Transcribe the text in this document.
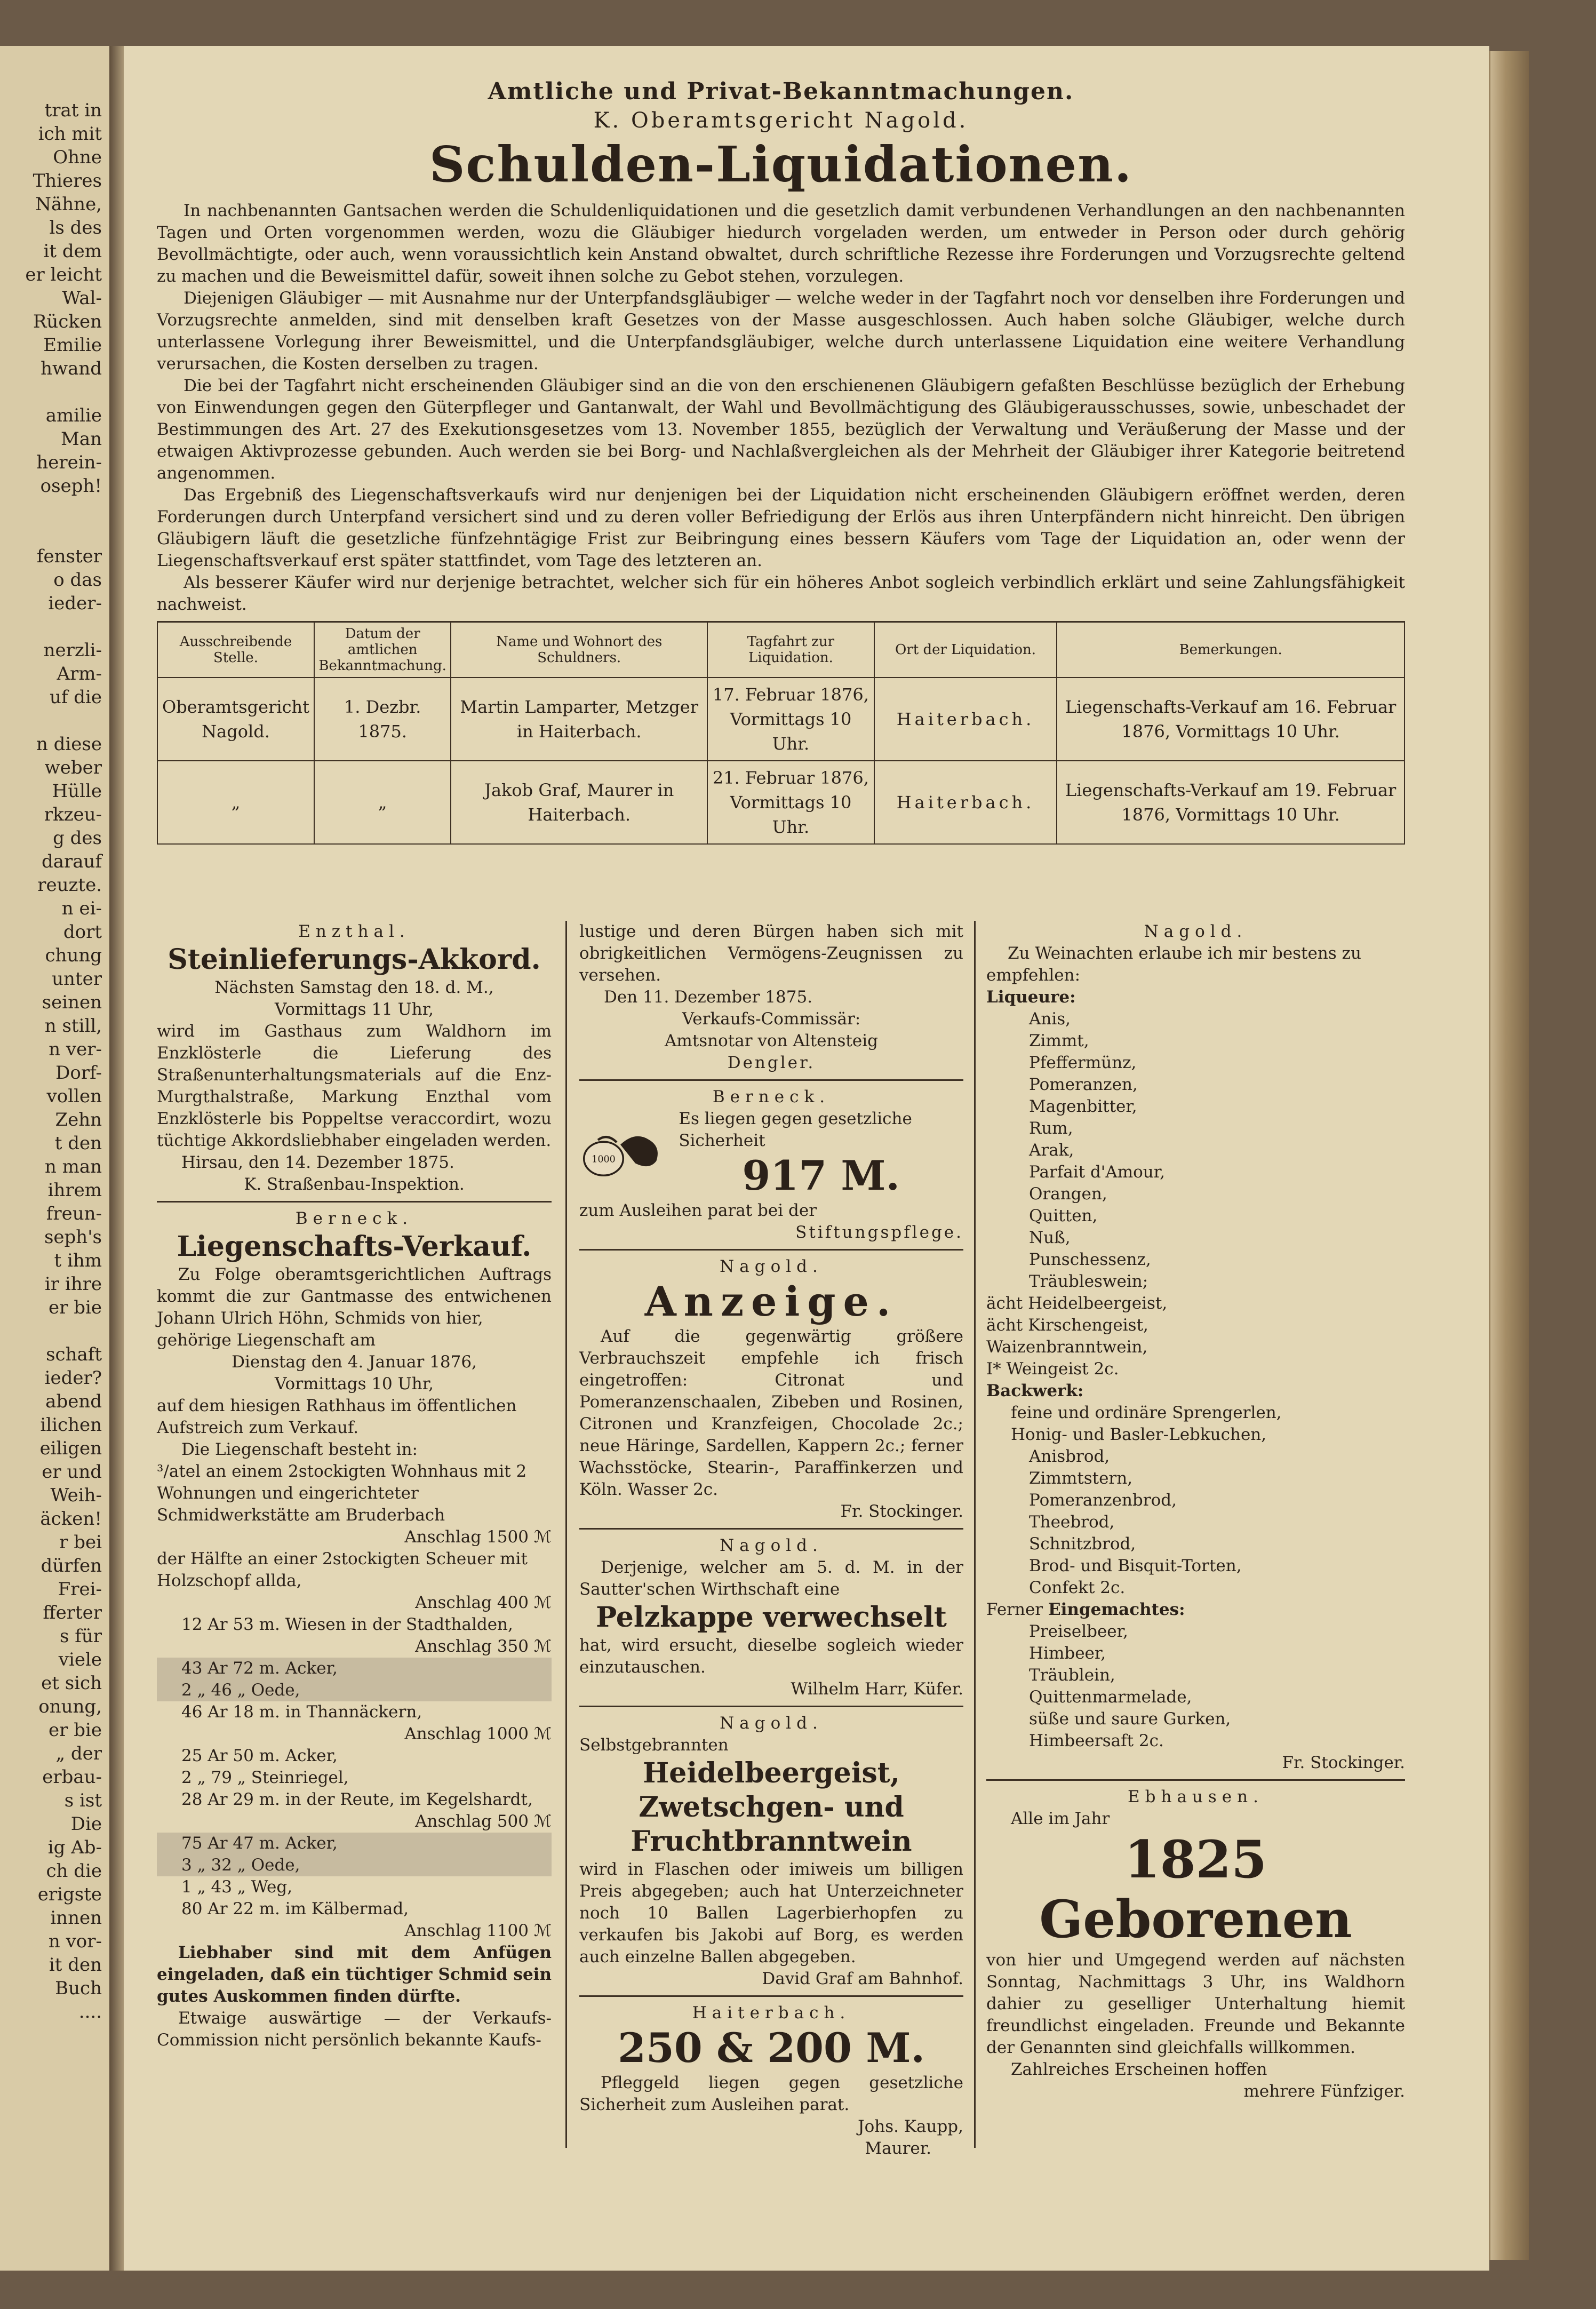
trat in
ich mit
Ohne
Thieres
Nähne,
ls des
it dem
er leicht
Wal-
Rücken
Emilie
hwand
amilie
Man
herein-
oseph!
fenster
o das
ieder-
nerzli-
Arm-
uf die
n diese
weber
Hülle
rkzeu-
g des
darauf
reuzte.
n ei-
dort
chung
unter
seinen
n still,
n ver-
Dorf-
vollen
Zehn
t den
n man
ihrem
freun-
seph's
t ihm
ir ihre
er bie
schaft
ieder?
abend
ilichen
eiligen
er und
Weih-
äcken!
r bei
dürfen
Frei-
fferter
s für
viele
et sich
onung,
er bie
„ der
erbau-
s ist
Die
ig Ab-
ch die
erigste
innen
n vor-
it den
Buch
....
Amtliche und Privat-Bekanntmachungen.
K. Oberamtsgericht Nagold.
Schulden-Liquidationen.

In nachbenannten Gantsachen werden die Schuldenliquidationen und die gesetzlich damit verbundenen Verhandlungen an den nachbenannten Tagen und Orten vorgenommen werden, wozu die Gläubiger hiedurch vorgeladen werden, um entweder in Person oder durch gehörig Bevollmächtigte, oder auch, wenn voraussichtlich kein Anstand obwaltet, durch schriftliche Rezesse ihre Forderungen und Vorzugsrechte geltend zu machen und die Beweismittel dafür, soweit ihnen solche zu Gebot stehen, vorzulegen.

Diejenigen Gläubiger — mit Ausnahme nur der Unterpfandsgläubiger — welche weder in der Tagfahrt noch vor denselben ihre Forderungen und Vorzugsrechte anmelden, sind mit denselben kraft Gesetzes von der Masse ausgeschlossen. Auch haben solche Gläubiger, welche durch unterlassene Vorlegung ihrer Beweismittel, und die Unterpfandsgläubiger, welche durch unterlassene Liquidation eine weitere Verhandlung verursachen, die Kosten derselben zu tragen.

Die bei der Tagfahrt nicht erscheinenden Gläubiger sind an die von den erschienenen Gläubigern gefaßten Beschlüsse bezüglich der Erhebung von Einwendungen gegen den Güterpfleger und Gantanwalt, der Wahl und Bevollmächtigung des Gläubigerausschusses, sowie, unbeschadet der Bestimmungen des Art. 27 des Exekutionsgesetzes vom 13. November 1855, bezüglich der Verwaltung und Veräußerung der Masse und der etwaigen Aktivprozesse gebunden. Auch werden sie bei Borg- und Nachlaßvergleichen als der Mehrheit der Gläubiger ihrer Kategorie beitretend angenommen.

Das Ergebniß des Liegenschaftsverkaufs wird nur denjenigen bei der Liquidation nicht erscheinenden Gläubigern eröffnet werden, deren Forderungen durch Unterpfand versichert sind und zu deren voller Befriedigung der Erlös aus ihren Unterpfändern nicht hinreicht. Den übrigen Gläubigern läuft die gesetzliche fünfzehntägige Frist zur Beibringung eines bessern Käufers vom Tage der Liquidation an, oder wenn der Liegenschaftsverkauf erst später stattfindet, vom Tage des letzteren an.

Als besserer Käufer wird nur derjenige betrachtet, welcher sich für ein höheres Anbot sogleich verbindlich erklärt und seine Zahlungsfähigkeit nachweist.

Ausschreibende Stelle.	Datum der amtlichen Bekanntmachung.	Name und Wohnort des Schuldners.	Tagfahrt zur Liquidation.	Ort der Liquidation.	Bemerkungen.
Oberamtsgericht Nagold.	1. Dezbr. 1875.	Martin Lamparter, Metzger in Haiterbach.	17. Februar 1876, Vormittags 10 Uhr.	Haiterbach.	Liegenschafts-Verkauf am 16. Februar 1876, Vormittags 10 Uhr.
„	„	Jakob Graf, Maurer in Haiterbach.	21. Februar 1876, Vormittags 10 Uhr.	Haiterbach.	Liegenschafts-Verkauf am 19. Februar 1876, Vormittags 10 Uhr.
Enzthal.
Steinlieferungs-Akkord.
Nächsten Samstag den 18. d. M.,
Vormittags 11 Uhr,
wird im Gasthaus zum Waldhorn im Enzklösterle die Lieferung des Straßenunterhaltungsmaterials auf die Enz-Murgthalstraße, Markung Enzthal vom Enzklösterle bis Poppeltse veraccordirt, wozu tüchtige Akkordsliebhaber eingeladen werden.
Hirsau, den 14. Dezember 1875.
K. Straßenbau-Inspektion.
Berneck.
Liegenschafts-Verkauf.
Zu Folge oberamtsgerichtlichen Auftrags kommt die zur Gantmasse des entwichenen Johann Ulrich Höhn, Schmids von hier,
gehörige Liegenschaft am
Dienstag den 4. Januar 1876,
Vormittags 10 Uhr,
auf dem hiesigen Rathhaus im öffentlichen Aufstreich zum Verkauf.
Die Liegenschaft besteht in:
³/atel an einem 2stockigten Wohnhaus mit 2 Wohnungen und eingerichteter Schmidwerkstätte am Bruderbach
Anschlag 1500 ℳ
der Hälfte an einer 2stockigten Scheuer mit Holzschopf allda,
Anschlag 400 ℳ
12 Ar 53 m. Wiesen in der Stadthalden,
Anschlag 350 ℳ
43 Ar 72 m. Acker,
2 „ 46 „ Oede,
46 Ar 18 m. in Thannäckern,
Anschlag 1000 ℳ
25 Ar 50 m. Acker,
2 „ 79 „ Steinriegel,
28 Ar 29 m. in der Reute, im Kegelshardt,
Anschlag 500 ℳ
75 Ar 47 m. Acker,
3 „ 32 „ Oede,
1 „ 43 „ Weg,
80 Ar 22 m. im Kälbermad,
Anschlag 1100 ℳ
Liebhaber sind mit dem Anfügen eingeladen, daß ein tüchtiger Schmid sein gutes Auskommen finden dürfte.
Etwaige auswärtige — der Verkaufs-Commission nicht persönlich bekannte Kaufs-
lustige und deren Bürgen haben sich mit obrigkeitlichen Vermögens-Zeugnissen zu versehen.
Den 11. Dezember 1875.
Verkaufs-Commissär:
Amtsnotar von Altensteig
Dengler.
Berneck.
1000
Es liegen gegen gesetzliche Sicherheit
917 M.
zum Ausleihen parat bei der
Stiftungspflege.
Nagold.
Anzeige.
Auf die gegenwärtig größere Verbrauchszeit empfehle ich frisch eingetroffen: Citronat und Pomeranzenschaalen, Zibeben und Rosinen, Citronen und Kranzfeigen, Chocolade 2c.; neue Häringe, Sardellen, Kappern 2c.; ferner Wachsstöcke, Stearin-, Paraffinkerzen und Köln. Wasser 2c.
Fr. Stockinger.
Nagold.
Derjenige, welcher am 5. d. M. in der Sautter'schen Wirthschaft eine
Pelzkappe verwechselt
hat, wird ersucht, dieselbe sogleich wieder einzutauschen.
Wilhelm Harr, Küfer.
Nagold.
Selbstgebrannten
Heidelbeergeist, Zwetschgen- und Fruchtbranntwein
wird in Flaschen oder imiweis um billigen Preis abgegeben; auch hat Unterzeichneter noch 10 Ballen Lagerbierhopfen zu verkaufen bis Jakobi auf Borg, es werden auch einzelne Ballen abgegeben.
David Graf am Bahnhof.
Haiterbach.
250 & 200 M.
Pfleggeld liegen gegen gesetzliche Sicherheit zum Ausleihen parat.
Johs. Kaupp,
Maurer.
Nagold.
Zu Weinachten erlaube ich mir bestens zu empfehlen:
Liqueure:
Anis,
Zimmt,
Pfeffermünz,
Pomeranzen,
Magenbitter,
Rum,
Arak,
Parfait d'Amour,
Orangen,
Quitten,
Nuß,
Punschessenz,
Träubleswein;
ächt Heidelbeergeist,
ächt Kirschengeist,
Waizenbranntwein,
I* Weingeist 2c.
Backwerk:
feine und ordinäre Sprengerlen,
Honig- und Basler-Lebkuchen,
Anisbrod,
Zimmtstern,
Pomeranzenbrod,
Theebrod,
Schnitzbrod,
Brod- und Bisquit-Torten,
Confekt 2c.
Ferner Eingemachtes:
Preiselbeer,
Himbeer,
Träublein,
Quittenmarmelade,
süße und saure Gurken,
Himbeersaft 2c.
Fr. Stockinger.
Ebhausen.
Alle im Jahr
1825 Geborenen
von hier und Umgegend werden auf nächsten Sonntag, Nachmittags 3 Uhr, ins Waldhorn dahier zu geselliger Unterhaltung hiemit freundlichst eingeladen. Freunde und Bekannte der Genannten sind gleichfalls willkommen.
Zahlreiches Erscheinen hoffen
mehrere Fünfziger.
